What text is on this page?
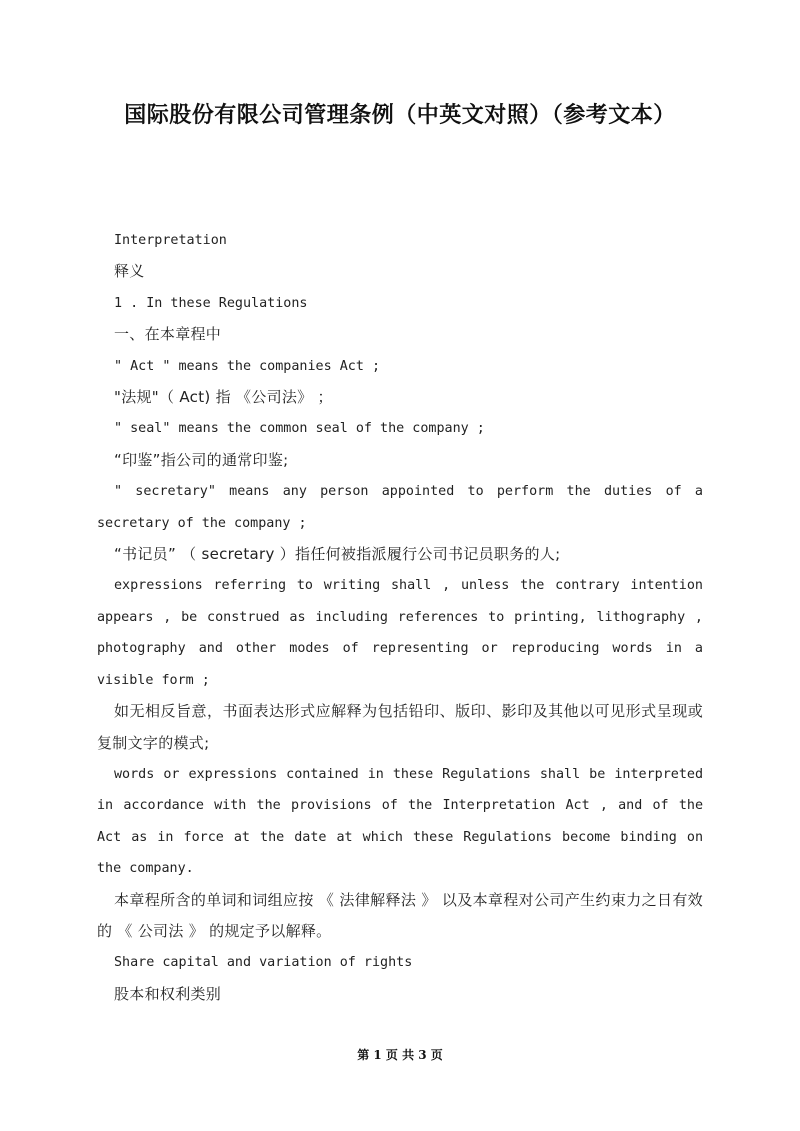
国际股份有限公司管理条例（中英文对照）（参考文本）

Interpretation

释义

1 . In these Regulations

一、在本章程中

" Act " means the companies Act ;

"法规"（ Act) 指 《公司法》 ；

" seal" means the common seal of the company ;

“印鉴”指公司的通常印鉴;

" secretary" means any person appointed to perform the duties of a secretary of the company ;

“书记员” （ secretary ）指任何被指派履行公司书记员职务的人;

expressions referring to writing shall , unless the contrary intention appears , be construed as including references to printing, lithography , photography and other modes of representing or reproducing words in a visible form ;

如无相反旨意，书面表达形式应解释为包括铅印、版印、影印及其他以可见形式呈现或复制文字的模式;

words or expressions contained in these Regulations shall be interpreted in accordance with the provisions of the Interpretation Act , and of the Act as in force at the date at which these Regulations become binding on the company.

本章程所含的单词和词组应按 《 法律解释法 》 以及本章程对公司产生约束力之日有效的 《 公司法 》 的规定予以解释。

Share capital and variation of rights

股本和权利类别

第 1 页 共 3 页
